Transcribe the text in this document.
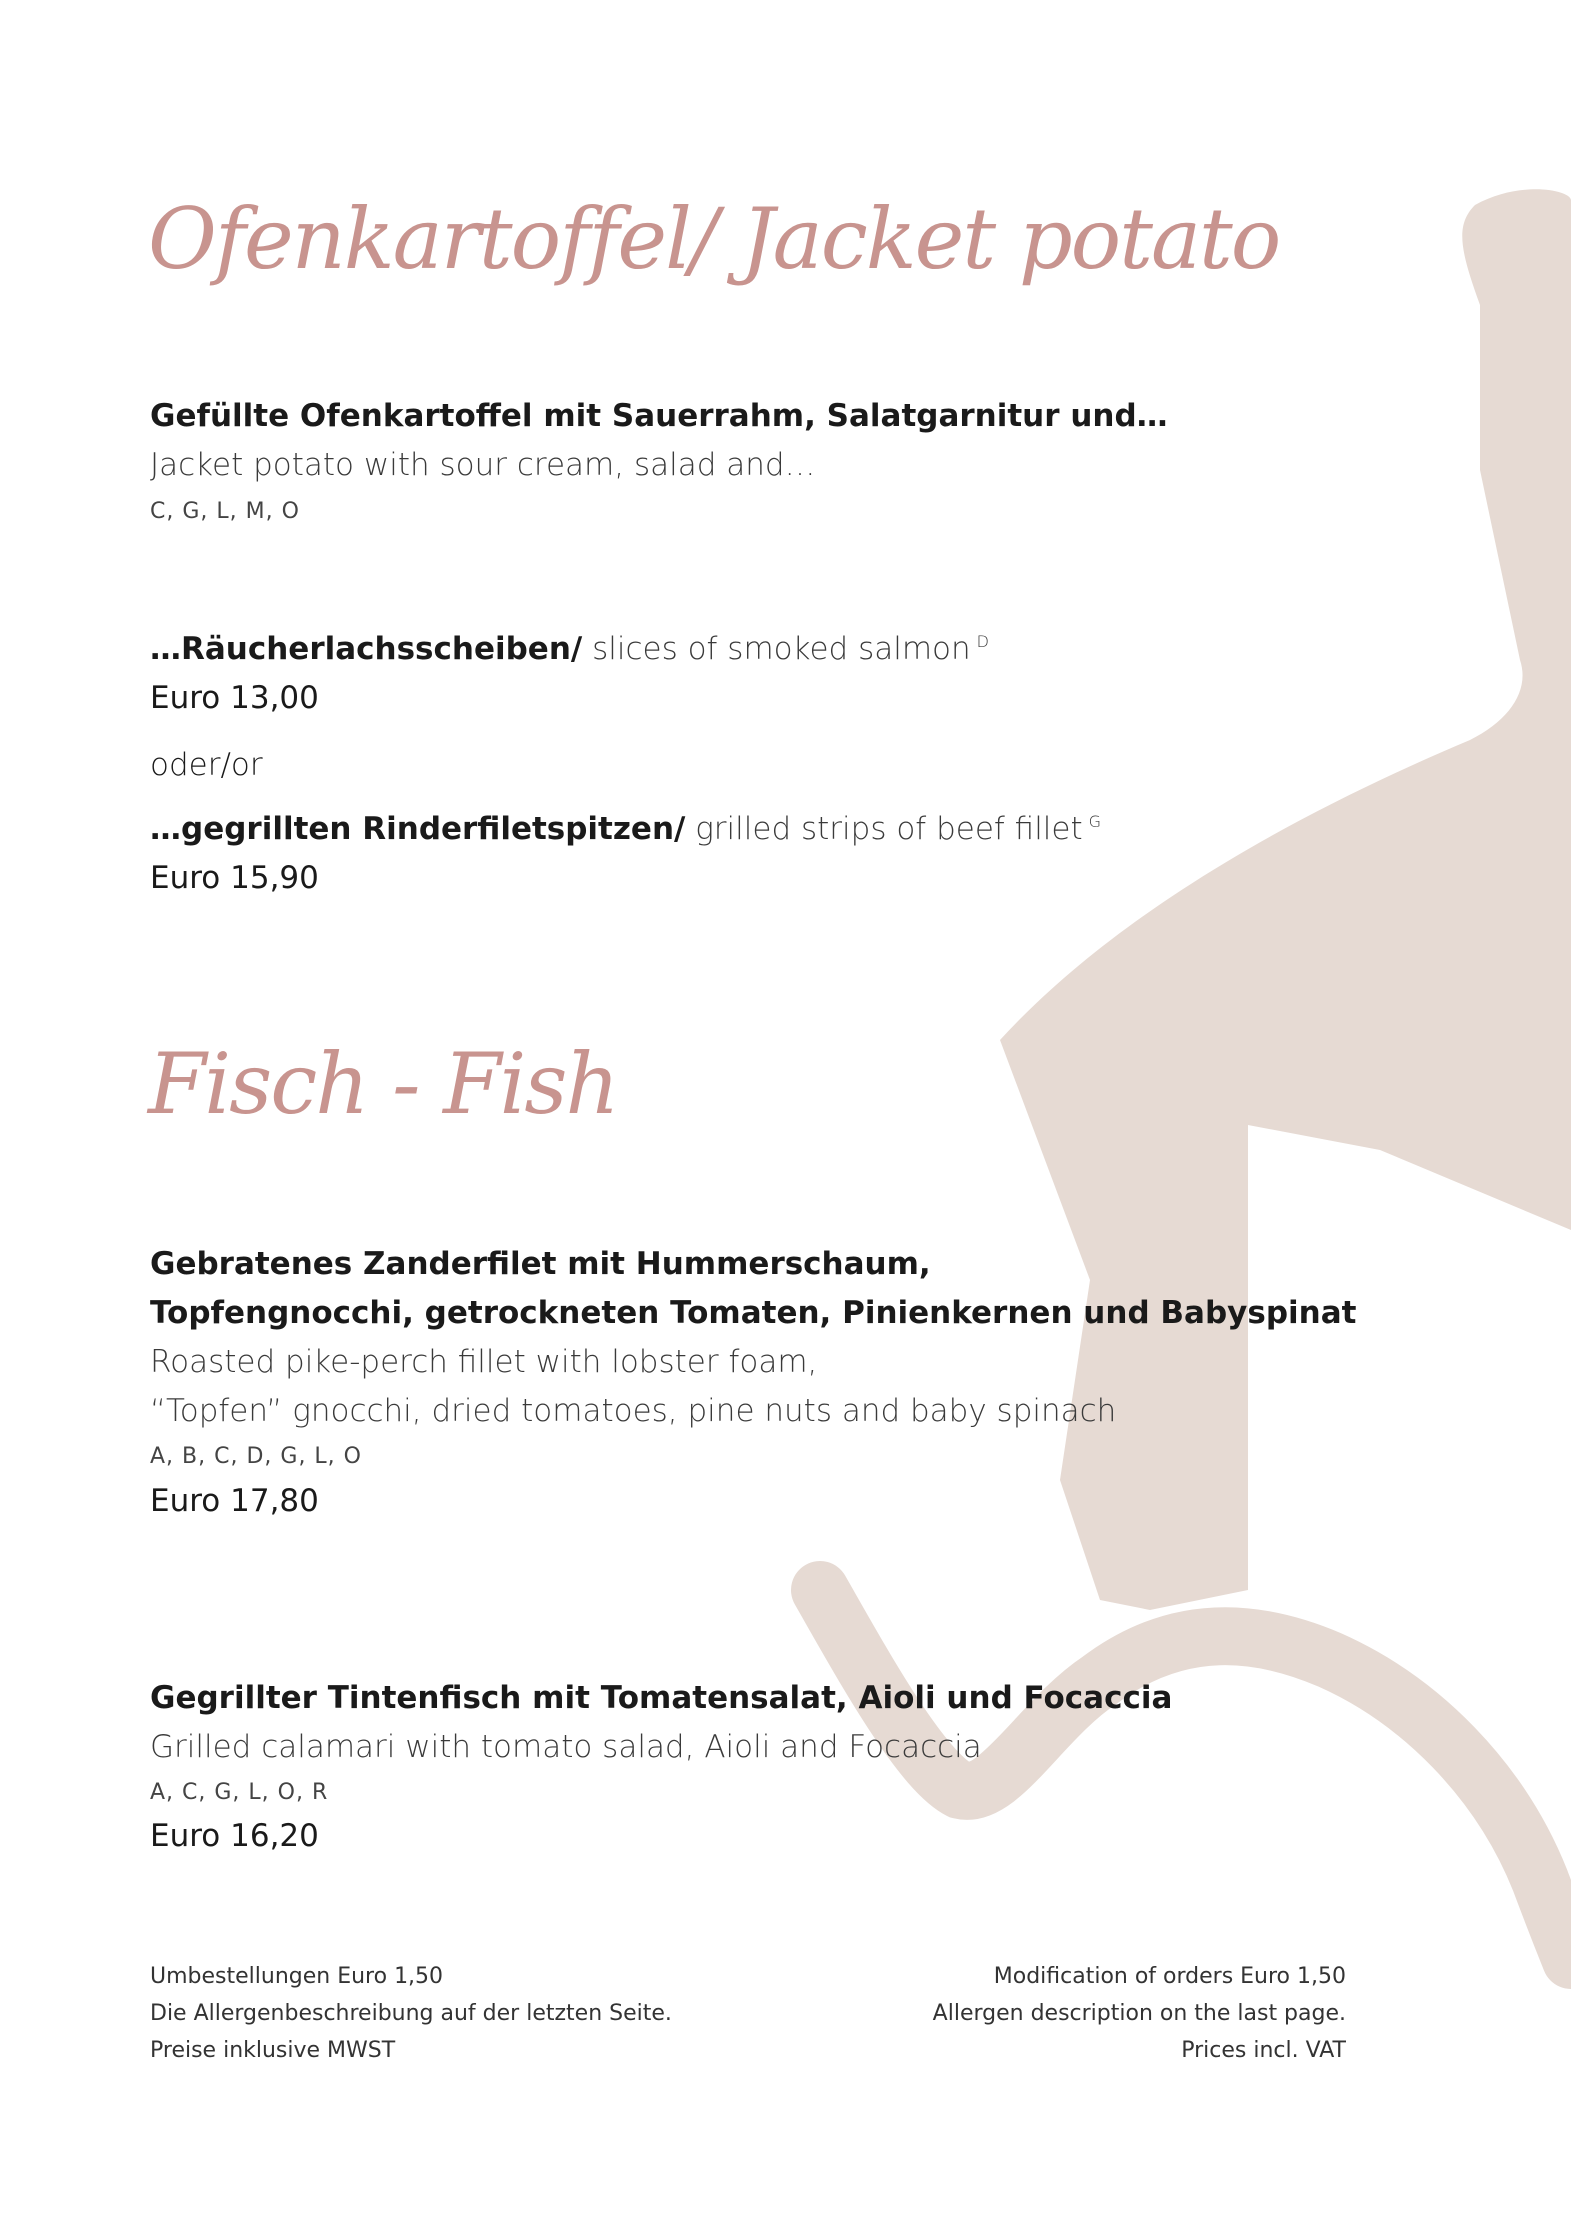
Ofenkartoffel/ Jacket potato
Gefüllte Ofenkartoffel mit Sauerrahm, Salatgarnitur und…
Jacket potato with sour cream, salad and…
C, G, L, M, O
…Räucherlachsscheiben/ slices of smoked salmon $^D$
Euro 13,00
oder/or
…gegrillten Rinderfiletspitzen/ grilled strips of beef fillet $^G$
Euro 15,90
Fisch - Fish
Gebratenes Zanderfilet mit Hummerschaum,
Topfengnocchi, getrockneten Tomaten, Pinienkernen und Babyspinat
Roasted pike-perch fillet with lobster foam,
“Topfen” gnocchi, dried tomatoes, pine nuts and baby spinach
A, B, C, D, G, L, O
Euro 17,80
Gegrillter Tintenfisch mit Tomatensalat, Aioli und Focaccia
Grilled calamari with tomato salad, Aioli and Focaccia
A, C, G, L, O, R
Euro 16,20
Umbestellungen Euro 1,50
Die Allergenbeschreibung auf der letzten Seite.
Preise inklusive MWST
Modification of orders Euro 1,50
Allergen description on the last page.
Prices incl. VAT
